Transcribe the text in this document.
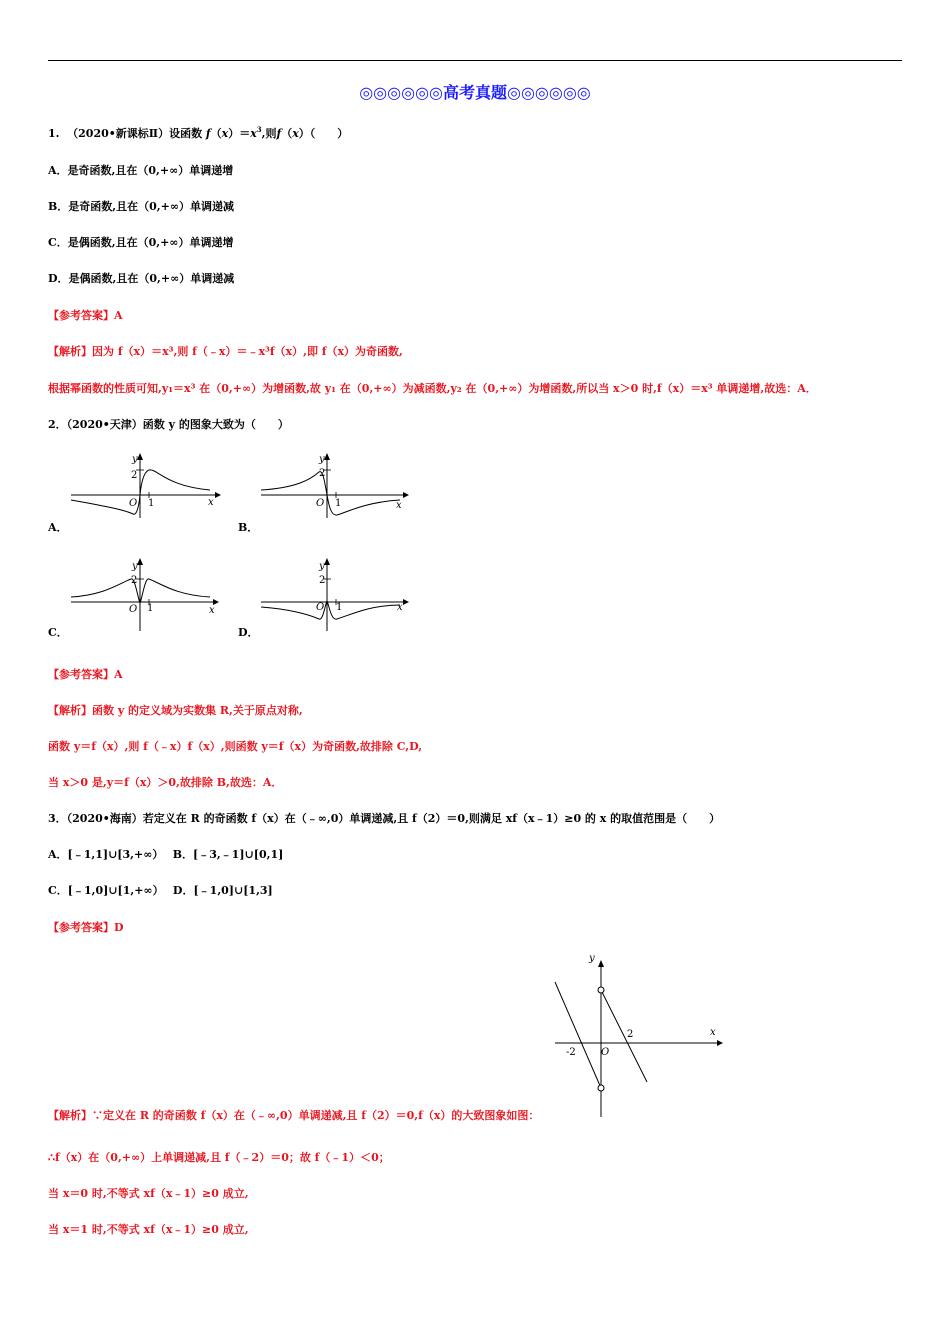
◎◎◎◎◎◎高考真题◎◎◎◎◎◎
1. （2020•新课标Ⅱ）设函数 $f(x)=x^3$,则f（x）（　　）
A．是奇函数,且在（0,+∞）单调递增
B．是奇函数,且在（0,+∞）单调递减
C．是偶函数,且在（0,+∞）单调递增
D．是偶函数,且在（0,+∞）单调递减
【参考答案】A
【解析】因为 f（x）＝x³,则 f（﹣x）＝﹣x³f（x）,即 f（x）为奇函数,
根据幂函数的性质可知,y₁＝x³ 在（0,+∞）为增函数,故 y₁ 在（0,+∞）为减函数,y₂ 在（0,+∞）为增函数,所以当 x＞0 时,f（x）＝x³ 单调递增,故选：A．
2．（2020•天津）函数 y 的图象大致为（　　）
y
2
O 1	x
A．
y
2
O 1	x
B．
y
2
O 1	x
C．
y
2
O 1	x
D．
【参考答案】A
【解析】函数 y 的定义域为实数集 R,关于原点对称,
函数 y＝f（x）,则 f（﹣x）f（x）,则函数 y＝f（x）为奇函数,故排除 C,D,
当 x＞0 是,y＝f（x）＞0,故排除 B,故选：A．
3．（2020•海南）若定义在 R 的奇函数 f（x）在（﹣∞,0）单调递减,且 f（2）＝0,则满足 xf（x﹣1）≥0 的 x 的取值范围是（　　）
A．[﹣1,1]∪[3,+∞）　 B．[﹣3,﹣1]∪[0,1]
C．[﹣1,0]∪[1,+∞）　 D．[﹣1,0]∪[1,3]
【参考答案】D
y
x
2
-2	O
【解析】∵定义在 R 的奇函数 f（x）在（﹣∞,0）单调递减,且 f（2）＝0,f（x）的大致图象如图：
∴f（x）在（0,+∞）上单调递减,且 f（﹣2）＝0；故 f（﹣1）＜0；
当 x＝0 时,不等式 xf（x﹣1）≥0 成立,
当 x＝1 时,不等式 xf（x﹣1）≥0 成立,
